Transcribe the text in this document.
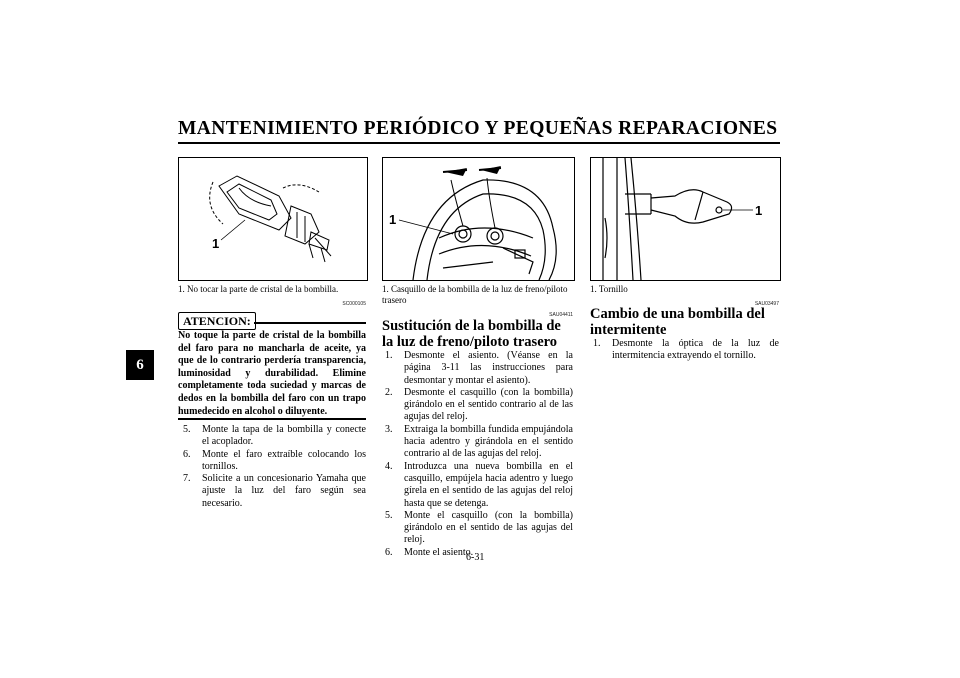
MANTENIMIENTO PERIÓDICO Y PEQUEÑAS REPARACIONES
6
1
1. No tocar la parte de cristal de la bombilla.
SC000105
ATENCION:
No toque la parte de cristal de la bombilla del faro para no mancharla de aceite, ya que de lo contrario perdería transparencia, luminosidad y durabilidad. Elimine completamente toda suciedad y marcas de dedos en la bombilla del faro con un trapo humedecido en alcohol o diluyente.
5. Monte la tapa de la bombilla y conecte el acoplador.
6. Monte el faro extraíble colocando los tornillos.
7. Solicite a un concesionario Yamaha que ajuste la luz del faro según sea necesario.
1
1. Casquillo de la bombilla de la luz de freno/piloto trasero
SAU04411
Sustitución de la bombilla de la luz de freno/piloto trasero
1. Desmonte el asiento. (Véanse en la página 3-11 las instrucciones para desmontar y montar el asiento).
2. Desmonte el casquillo (con la bombilla) girándolo en el sentido contrario al de las agujas del reloj.
3. Extraiga la bombilla fundida empujándola hacia adentro y girándola en el sentido contrario al de las agujas del reloj.
4. Introduzca una nueva bombilla en el casquillo, empújela hacia adentro y luego gírela en el sentido de las agujas del reloj hasta que se detenga.
5. Monte el casquillo (con la bombilla) girándolo en el sentido de las agujas del reloj.
6. Monte el asiento.
1
1. Tornillo
SAU03497
Cambio de una bombilla del intermitente
1. Desmonte la óptica de la luz de intermitencia extrayendo el tornillo.
6-31
